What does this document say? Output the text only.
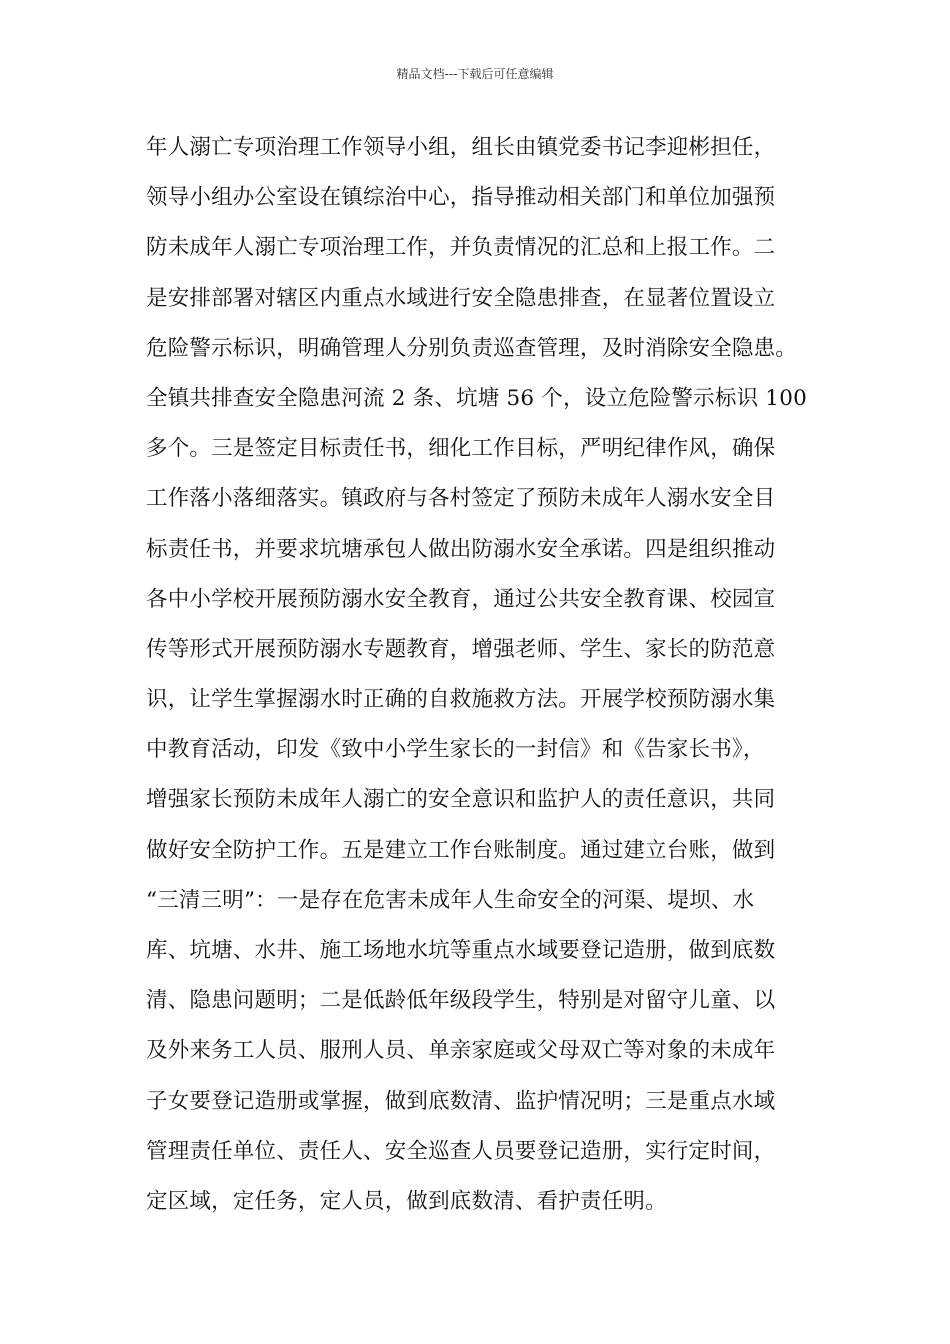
精品文档---下载后可任意编辑
年人溺亡专项治理工作领导小组，组长由镇党委书记李迎彬担任，
领导小组办公室设在镇综治中心，指导推动相关部门和单位加强预
防未成年人溺亡专项治理工作，并负责情况的汇总和上报工作。二
是安排部署对辖区内重点水域进行安全隐患排查，在显著位置设立
危险警示标识，明确管理人分别负责巡查管理，及时消除安全隐患。
全镇共排查安全隐患河流 2 条、坑塘 56 个，设立危险警示标识 100
多个。三是签定目标责任书，细化工作目标，严明纪律作风，确保
工作落小落细落实。镇政府与各村签定了预防未成年人溺水安全目
标责任书，并要求坑塘承包人做出防溺水安全承诺。四是组织推动
各中小学校开展预防溺水安全教育，通过公共安全教育课、校园宣
传等形式开展预防溺水专题教育，增强老师、学生、家长的防范意
识，让学生掌握溺水时正确的自救施救方法。开展学校预防溺水集
中教育活动，印发《致中小学生家长的一封信》和《告家长书》，
增强家长预防未成年人溺亡的安全意识和监护人的责任意识，共同
做好安全防护工作。五是建立工作台账制度。通过建立台账，做到
“三清三明”：一是存在危害未成年人生命安全的河渠、堤坝、水
库、坑塘、水井、施工场地水坑等重点水域要登记造册，做到底数
清、隐患问题明；二是低龄低年级段学生，特别是对留守儿童、以
及外来务工人员、服刑人员、单亲家庭或父母双亡等对象的未成年
子女要登记造册或掌握，做到底数清、监护情况明；三是重点水域
管理责任单位、责任人、安全巡查人员要登记造册，实行定时间，
定区域，定任务，定人员，做到底数清、看护责任明。
